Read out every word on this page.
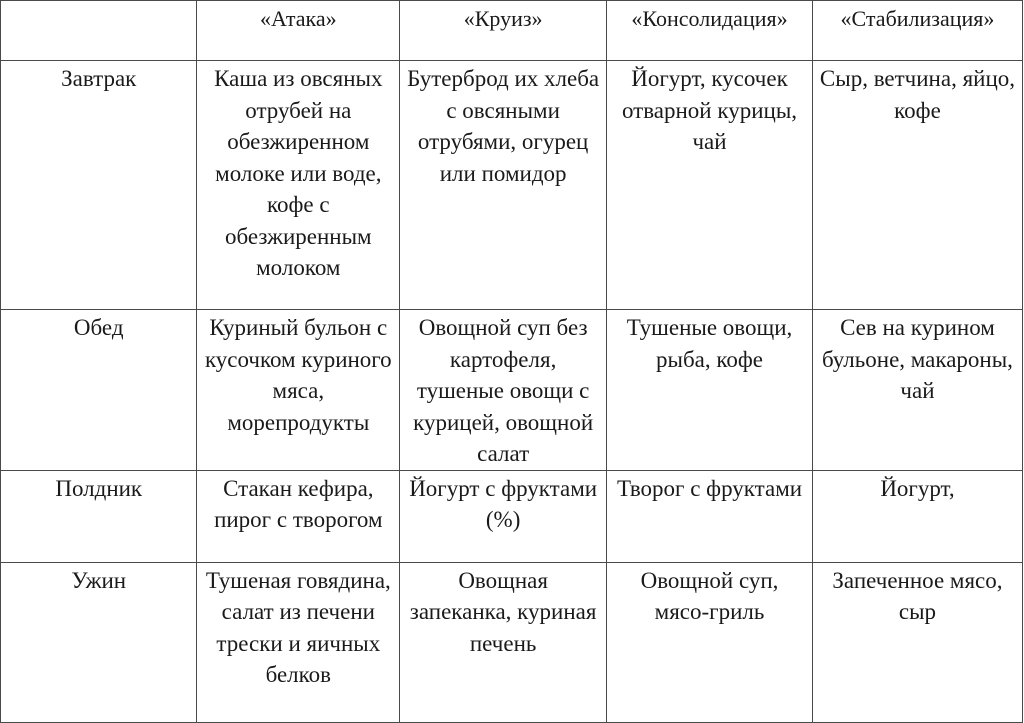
	«Атака»	«Круиз»	«Консолидация»	«Стабилизация»
Завтрак	Каша из овсяных отрубей на обезжиренном молоке или воде, кофе с обезжиренным молоком	Бутерброд их хлеба с овсяными отрубями, огурец или помидор	Йогурт, кусочек отварной курицы, чай	Сыр, ветчина, яйцо, кофе
Обед	Куриный бульон с кусочком куриного мяса, морепродукты	Овощной суп без картофеля, тушеные овощи с курицей, овощной салат	Тушеные овощи, рыба, кофе	Сев на курином бульоне, макароны, чай
Полдник	Стакан кефира, пирог с творогом	Йогурт с фруктами (%)	Творог с фруктами	Йогурт,
Ужин	Тушеная говядина, салат из печени трески и яичных белков	Овощная запеканка, куриная печень	Овощной суп, мясо-гриль	Запеченное мясо, сыр
